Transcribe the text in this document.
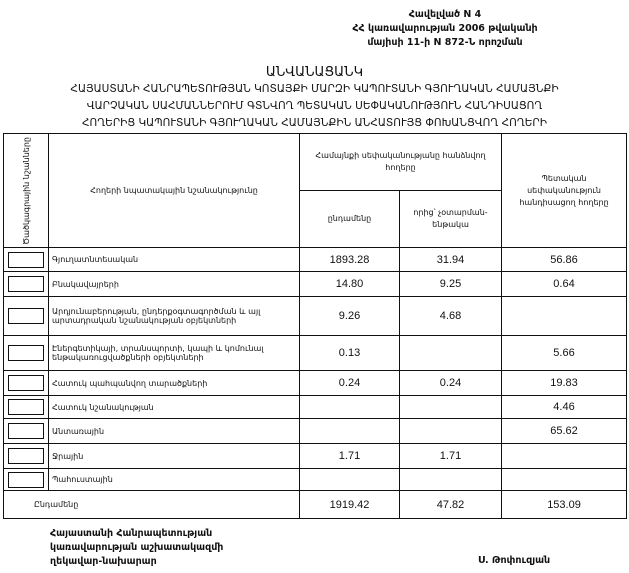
Հավելված N 4
ՀՀ կառավարության 2006 թվականի
մայիսի 11-ի N 872-Ն որոշման
ԱՆՎԱՆԱՑԱՆԿ
ՀԱՅԱՍՏԱՆԻ ՀԱՆՐԱՊԵՏՈՒԹՅԱՆ ԿՈՏԱՅՔԻ ՄԱՐԶԻ ԿԱՊՈՒՏԱՆԻ ԳՅՈՒՂԱԿԱՆ ՀԱՄԱՅՆՔԻ
ՎԱՐՉԱԿԱՆ ՍԱՀՄԱՆՆԵՐՈՒՄ ԳՏՆՎՈՂ ՊԵՏԱԿԱՆ ՍԵՓԱԿԱՆՈՒԹՅՈՒՆ ՀԱՆԴԻՍԱՑՈՂ
ՀՈՂԵՐԻՑ ԿԱՊՈՒՏԱՆԻ ԳՅՈՒՂԱԿԱՆ ՀԱՄԱՅՆՔԻՆ ԱՆՀԱՏՈՒՅՑ ՓՈԽԱՆՑՎՈՂ ՀՈՂԵՐԻ
Ծածկագրային նշանները	Հողերի նպատակային նշանակությունը	Համայնքի սեփականությանը հանձնվող հողերը		Պետական սեփականություն հանդիսացող հողերը
		ընդամենը	որից՝ չօտարման-ենթակա	

	Գյուղատնտեսական	1893.28	31.94	56.86

	Բնակավայրերի	14.80	9.25	0.64

	Արդյունաբերության, ընդերքօգտագործման և այլ արտադրական նշանակության օբյեկտների	9.26	4.68	

	Էներգետիկայի, տրանսպորտի, կապի և կոմունալ ենթակառուցվածքների օբյեկտների	0.13		5.66

	Հատուկ պահպանվող տարածքների	0.24	0.24	19.83

	Հատուկ նշանակության			4.46

	Անտառային			65.62

	Ջրային	1.71	1.71	

	Պահուստային			
Ընդամենը		1919.42	47.82	153.09
Հայաստանի Հանրապետության
կառավարության աշխատակազմի
ղեկավար-նախարար	Ս. Թոփուզյան
